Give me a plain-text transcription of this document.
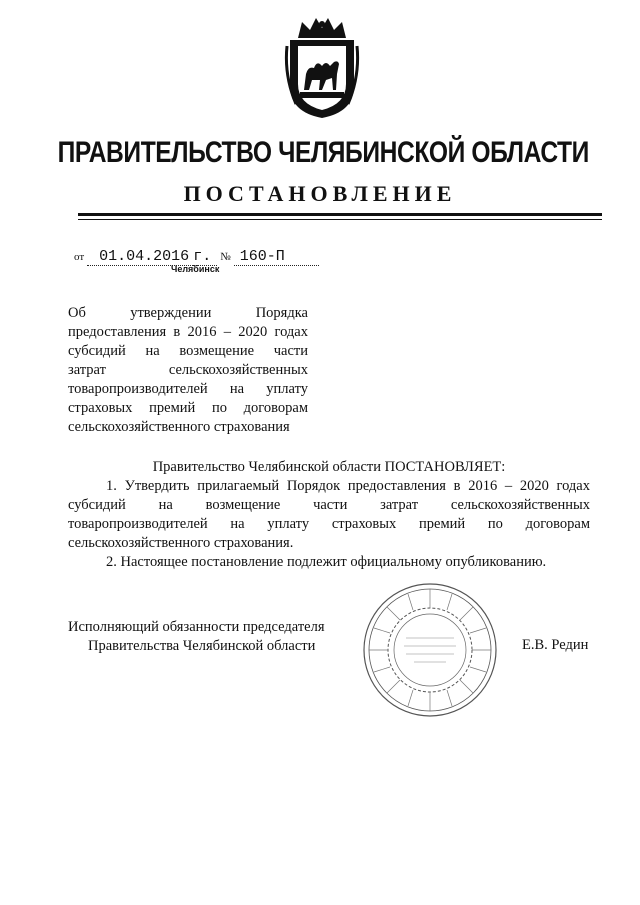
ПРАВИТЕЛЬСТВО ЧЕЛЯБИНСКОЙ ОБЛАСТИ
ПОСТАНОВЛЕНИЕ
от 01.04.2016 г. № 160-П
Челябинск
Об утверждении Порядка
предоставления в 2016 – 2020 годах
субсидий на возмещение части
затрат сельскохозяйственных
товаропроизводителей на уплату
страховых премий по договорам
сельскохозяйственного страхования
Правительство Челябинской области ПОСТАНОВЛЯЕТ:
1. Утвердить прилагаемый Порядок предоставления в 2016 – 2020 годах
субсидий на возмещение части затрат сельскохозяйственных
товаропроизводителей на уплату страховых премий по договорам
сельскохозяйственного страхования.
2. Настоящее постановление подлежит официальному опубликованию.
Исполняющий обязанности председателя
Правительства Челябинской области	Е.В. Редин
